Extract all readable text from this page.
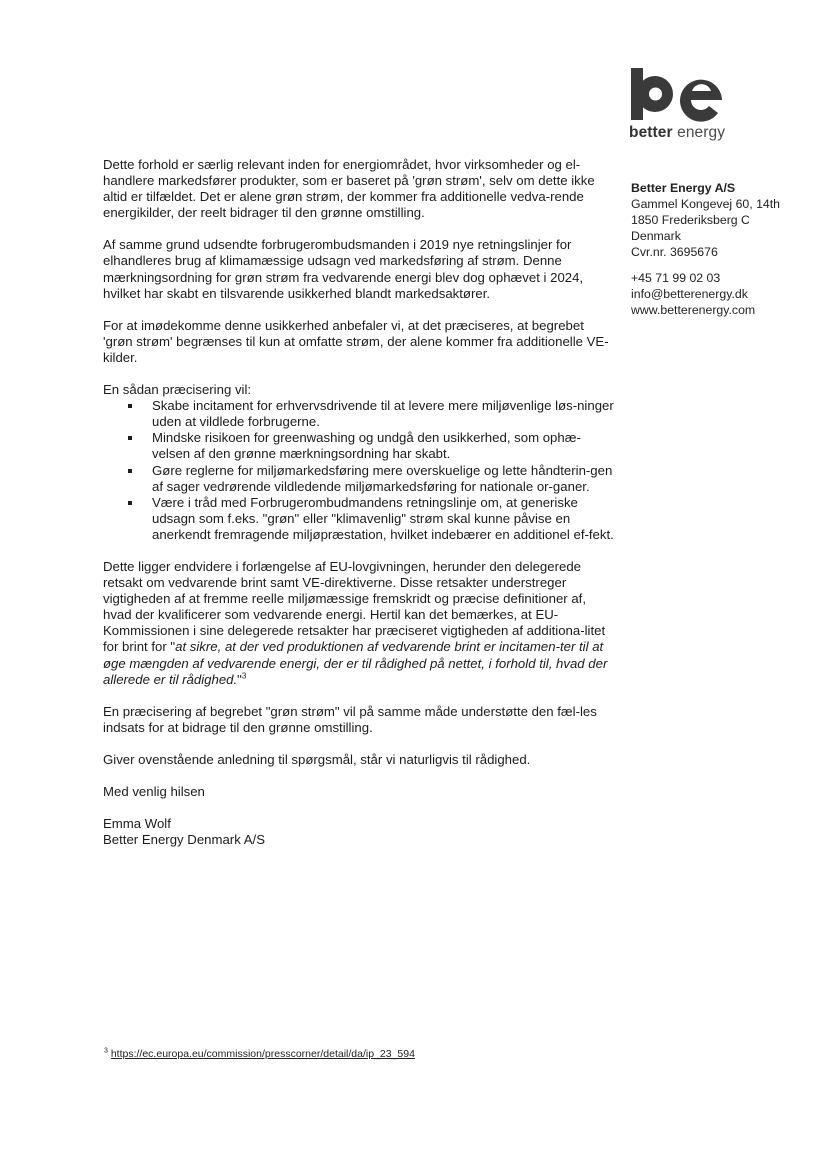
better energy
Better Energy A/S
Gammel Kongevej 60, 14th
1850 Frederiksberg C
Denmark
Cvr.nr. 3695676
+45 71 99 02 03
info@betterenergy.dk
www.betterenergy.com

Dette forhold er særlig relevant inden for energiområdet, hvor virksomheder og el-handlere markedsfører produkter, som er baseret på 'grøn strøm', selv om dette ikke altid er tilfældet. Det er alene grøn strøm, der kommer fra additionelle vedva-rende energikilder, der reelt bidrager til den grønne omstilling.

Af samme grund udsendte forbrugerombudsmanden i 2019 nye retningslinjer for elhandleres brug af klimamæssige udsagn ved markedsføring af strøm. Denne mærkningsordning for grøn strøm fra vedvarende energi blev dog ophævet i 2024, hvilket har skabt en tilsvarende usikkerhed blandt markedsaktører.

For at imødekomme denne usikkerhed anbefaler vi, at det præciseres, at begrebet 'grøn strøm' begrænses til kun at omfatte strøm, der alene kommer fra additionelle VE-kilder.

En sådan præcisering vil:

Skabe incitament for erhvervsdrivende til at levere mere miljøvenlige løs-ninger uden at vildlede forbrugerne.
Mindske risikoen for greenwashing og undgå den usikkerhed, som ophæ-velsen af den grønne mærkningsordning har skabt.
Gøre reglerne for miljømarkedsføring mere overskuelige og lette håndterin-gen af sager vedrørende vildledende miljømarkedsføring for nationale or-ganer.
Være i tråd med Forbrugerombudmandens retningslinje om, at generiske udsagn som f.eks. "grøn" eller "klimavenlig" strøm skal kunne påvise en anerkendt fremragende miljøpræstation, hvilket indebærer en additionel ef-fekt.

Dette ligger endvidere i forlængelse af EU-lovgivningen, herunder den delegerede retsakt om vedvarende brint samt VE-direktiverne. Disse retsakter understreger vigtigheden af at fremme reelle miljømæssige fremskridt og præcise definitioner af, hvad der kvalificerer som vedvarende energi. Hertil kan det bemærkes, at EU-Kommissionen i sine delegerede retsakter har præciseret vigtigheden af additiona-litet for brint for "at sikre, at der ved produktionen af vedvarende brint er incitamen-ter til at øge mængden af vedvarende energi, der er til rådighed på nettet, i forhold til, hvad der allerede er til rådighed."$^3$

En præcisering af begrebet "grøn strøm" vil på samme måde understøtte den fæl-les indsats for at bidrage til den grønne omstilling.

Giver ovenstående anledning til spørgsmål, står vi naturligvis til rådighed.

Med venlig hilsen

Emma Wolf

Better Energy Denmark A/S

$^3$ https://ec.europa.eu/commission/presscorner/detail/da/ip_23_594
